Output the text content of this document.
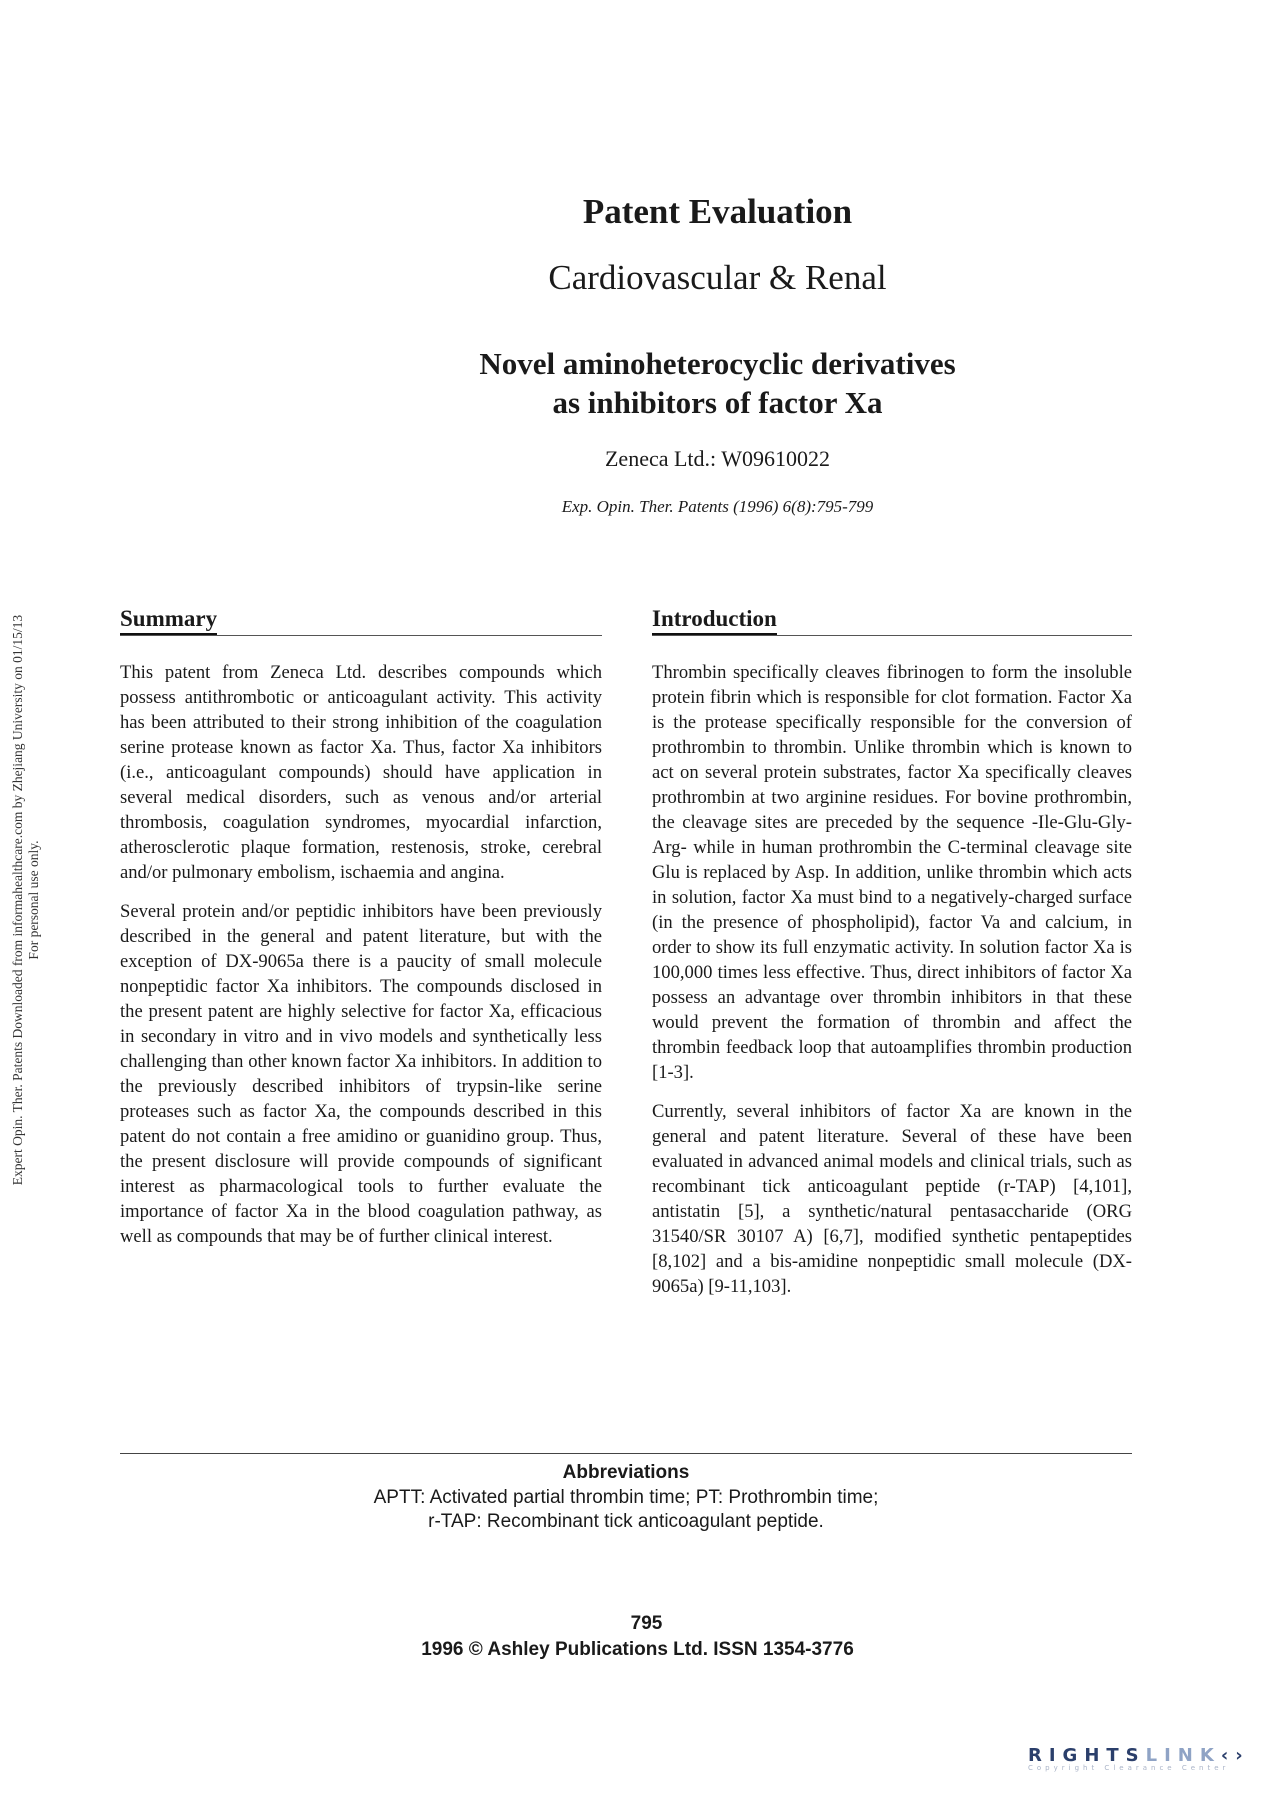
Expert Opin. Ther. Patents Downloaded from informahealthcare.com by Zhejiang University on 01/15/13 For personal use only.
Patent Evaluation
Cardiovascular & Renal
Novel aminoheterocyclic derivatives
as inhibitors of factor Xa
Zeneca Ltd.: W09610022
Exp. Opin. Ther. Patents (1996) 6(8):795-799
Summary

This patent from Zeneca Ltd. describes compounds which possess antithrombotic or anticoagulant activity. This activity has been attributed to their strong inhibition of the coagulation serine protease known as factor Xa. Thus, factor Xa inhibitors (i.e., anticoagulant compounds) should have application in several medical disorders, such as venous and/or arterial thrombosis, coagulation syndromes, myocardial infarction, atherosclerotic plaque formation, restenosis, stroke, cerebral and/or pulmonary embolism, ischaemia and angina.

Several protein and/or peptidic inhibitors have been previously described in the general and patent literature, but with the exception of DX-9065a there is a paucity of small molecule nonpeptidic factor Xa inhibitors. The compounds disclosed in the present patent are highly selective for factor Xa, efficacious in secondary in vitro and in vivo models and synthetically less challenging than other known factor Xa inhibitors. In addition to the previously described inhibitors of trypsin-like serine proteases such as factor Xa, the compounds described in this patent do not contain a free amidino or guanidino group. Thus, the present disclosure will provide compounds of significant interest as pharmacological tools to further evaluate the importance of factor Xa in the blood coagulation pathway, as well as compounds that may be of further clinical interest.

Introduction

Thrombin specifically cleaves fibrinogen to form the insoluble protein fibrin which is responsible for clot formation. Factor Xa is the protease specifically responsible for the conversion of prothrombin to thrombin. Unlike thrombin which is known to act on several protein substrates, factor Xa specifically cleaves prothrombin at two arginine residues. For bovine prothrombin, the cleavage sites are preceded by the sequence -Ile-Glu-Gly-Arg- while in human prothrombin the C-terminal cleavage site Glu is replaced by Asp. In addition, unlike thrombin which acts in solution, factor Xa must bind to a negatively-charged surface (in the presence of phospholipid), factor Va and calcium, in order to show its full enzymatic activity. In solution factor Xa is 100,000 times less effective. Thus, direct inhibitors of factor Xa possess an advantage over thrombin inhibitors in that these would prevent the formation of thrombin and affect the thrombin feedback loop that autoamplifies thrombin production [1-3].

Currently, several inhibitors of factor Xa are known in the general and patent literature. Several of these have been evaluated in advanced animal models and clinical trials, such as recombinant tick anticoagulant peptide (r-TAP) [4,101], antistatin [5], a synthetic/natural pentasaccharide (ORG 31540/SR 30107 A) [6,7], modified synthetic pentapeptides [8,102] and a bis-amidine nonpeptidic small molecule (DX-9065a) [9-11,103].

Abbreviations

APTT: Activated partial thrombin time; PT: Prothrombin time;

r-TAP: Recombinant tick anticoagulant peptide.

795
1996 © Ashley Publications Ltd. ISSN 1354-3776
RIGHTSLINK‹›
Copyright Clearance Center
